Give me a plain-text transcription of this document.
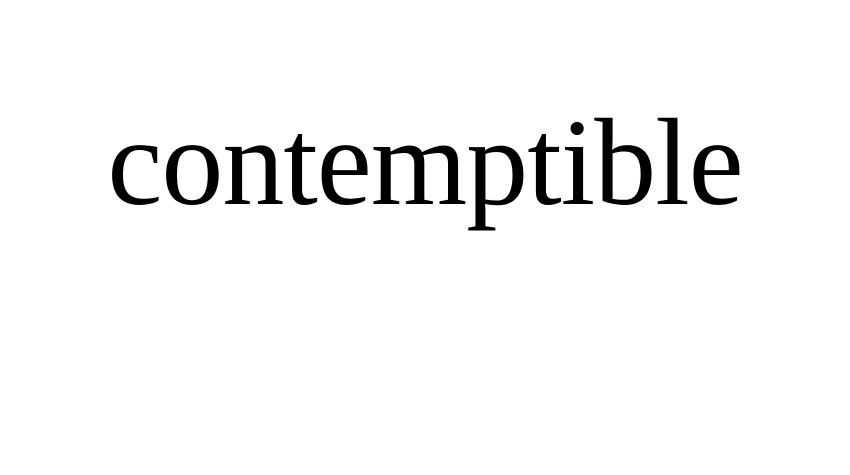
contemptible
